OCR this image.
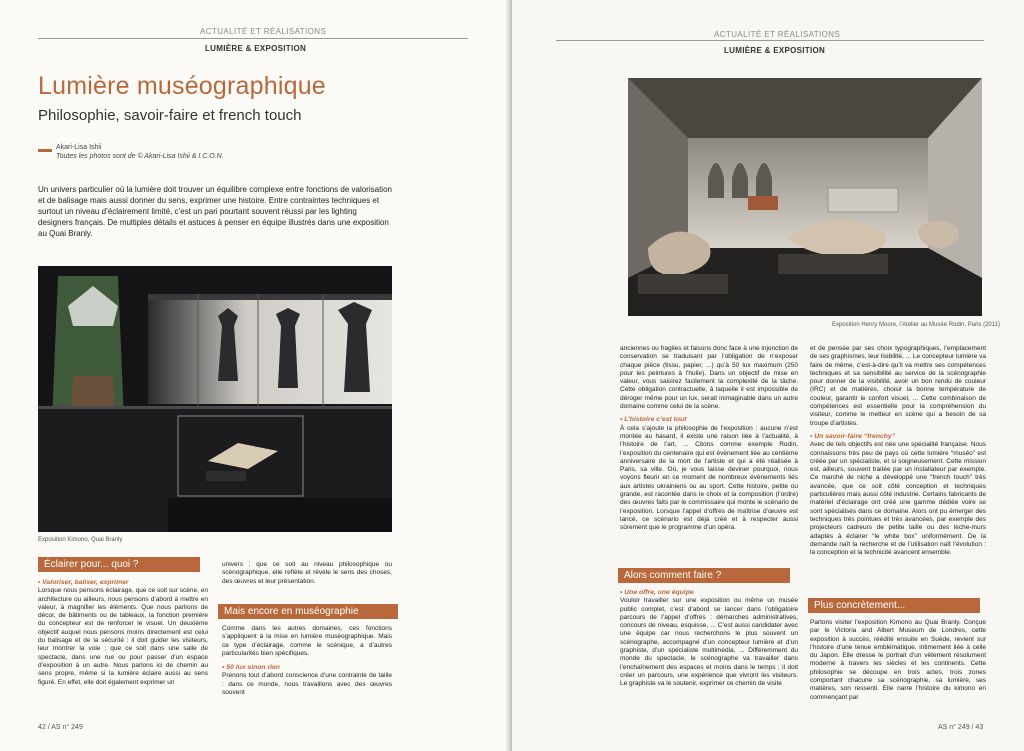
ACTUALITÉ ET RÉALISATIONS
LUMIÈRE & EXPOSITION
Lumière muséographique
Philosophie, savoir-faire et french touch
Akari-Lisa Ishii
Toutes les photos sont de © Akari-Lisa Ishii & I.C.O.N.
Un univers particulier où la lumière doit trouver un équilibre complexe entre fonctions de valorisation et de balisage mais aussi donner du sens, exprimer une histoire. Entre contraintes techniques et surtout un niveau d’éclairement limité, c’est un pari pourtant souvent réussi par les lighting designers français. De multiples détails et astuces à penser en équipe illustrés dans une exposition au Quai Branly.
Exposition Kimono, Quai Branly
Éclairer pour... quoi ?

• Valoriser, baliser, exprimer

Lorsque nous pensons éclairage, que ce soit sur scène, en architecture ou ailleurs, nous pensons d’abord à mettre en valeur, à magnifier les éléments. Que nous parlions de décor, de bâtiments ou de tableaux, la fonction première du concepteur est de renforcer le visuel. Un deuxième objectif auquel nous pensons moins directement est celui du balisage et de la sécurité : il doit guider les visiteurs, leur montrer la voie ; que ce soit dans une salle de spectacle, dans une rue ou pour passer d’un espace d’exposition à un autre. Nous parlons ici de chemin au sens propre, même si la lumière éclaire aussi au sens figuré. En effet, elle doit également exprimer un

univers ; que ce soit au niveau philosophique ou scénographique, elle reflète et révèle le sens des choses, des œuvres et leur présentation.
Mais encore en muséographie

Comme dans les autres domaines, ces fonctions s’appliquent à la mise en lumière muséographique. Mais ce type d’éclairage, comme le scénique, a d’autres particularités bien spécifiques.

• 50 lux sinon rien

Prenons tout d’abord conscience d’une contrainte de taille : dans ce monde, nous travaillons avec des œuvres souvent

42 / AS n° 249
ACTUALITÉ ET RÉALISATIONS
LUMIÈRE & EXPOSITION
Exposition Henry Moore, l’Atelier au Musée Rodin, Paris (2011)

anciennes ou fragiles et faisons donc face à une injonction de conservation se traduisant par l’obligation de n’exposer chaque pièce (tissu, papier, ...) qu’à 50 lux maximum (250 pour les peintures à l’huile). Dans un objectif de mise en valeur, vous saisirez facilement la complexité de la tâche. Cette obligation contractuelle, à laquelle il est impossible de déroger même pour un lux, serait inimaginable dans un autre domaine comme celui de la scène.

• L’histoire c’est tout

À cela s’ajoute la philosophie de l’exposition : aucune n’est montée au hasard, il existe une raison liée à l’actualité, à l’histoire de l’art, ... Citons comme exemple Rodin, l’exposition du centenaire qui est évènement liée au centième anniversaire de la mort de l’artiste et qui a été réalisée à Paris, sa ville. Où, je vous laisse deviner pourquoi, nous voyons fleurir en ce moment de nombreux évènements liés aux artistes ukrainiens ou au sport. Cette histoire, petite ou grande, est racontée dans le choix et la composition (l’ordre) des œuvres faits par le commissaire qui monte le scénario de l’exposition. Lorsque l’appel d’offres de maîtrise d’œuvre est lancé, ce scénario est déjà créé et à respecter aussi sûrement que le programme d’un opéra.

Alors comment faire ?

• Une offre, une équipe

Vouloir travailler sur une exposition ou même un musée public complet, c’est d’abord se lancer dans l’obligatoire parcours de l’appel d’offres : démarches administratives, concours de niveau, esquisse, ... C’est aussi candidater avec une équipe car nous recherchons le plus souvent un scénographe, accompagné d’un concepteur lumière et d’un graphiste, d’un spécialiste multimédia, ... Différemment du monde du spectacle, le scénographe va travailler dans l’enchaînement des espaces et moins dans le temps ; il doit créer un parcours, une expérience que vivront les visiteurs. Le graphiste va le soutenir, exprimer ce chemin de visite

et de pensée par ses choix typographiques, l’emplacement de ses graphismes, leur lisibilité, ... Le concepteur lumière va faire de même, c’est-à-dire qu’il va mettre ses compétences techniques et sa sensibilité au service de la scénographie pour donner de la visibilité, avoir un bon rendu de couleur (IRC) et de matières, choisir la bonne température de couleur, garantir le confort visuel, ... Cette combinaison de compétences est essentielle pour la compréhension du visiteur, comme le metteur en scène qui a besoin de sa troupe d’artistes.

• Un savoir-faire “frenchy”

Avec de tels objectifs est née une spécialité française. Nous connaissons très peu de pays où cette lumière “muséo” est créée par un spécialiste, et si soigneusement. Cette mission est, ailleurs, souvent traitée par un installateur par exemple. Ce marché de niche a développé une “french touch” très avancée, que ce soit côté conception et techniques particulières mais aussi côté industrie. Certains fabricants de matériel d’éclairage ont créé une gamme dédiée voire se sont spécialisés dans ce domaine. Alors ont pu émerger des techniques très pointues et très avancées, par exemple des projecteurs cadreurs de petite taille ou des lèche-murs adaptés à éclairer “le white box” uniformément. De la demande naît la recherche et de l’utilisation naît l’évolution : la conception et la technicité avancent ensemble.

Plus concrètement...
Partons visiter l’exposition Kimono au Quai Branly. Conçue par le Victoria and Albert Museum de Londres, cette exposition à succès, réédité ensuite en Suède, revient sur l’histoire d’une tenue emblématique, intimement liée à celle du Japon. Elle dresse le portrait d’un vêtement résolument moderne à travers les siècles et les continents. Cette philosophie se découpe en trois actes, trois zones comportant chacune sa scénographie, sa lumière, ses matières, son ressenti. Elle narre l’histoire du kimono en commençant par
AS n° 249 / 43
